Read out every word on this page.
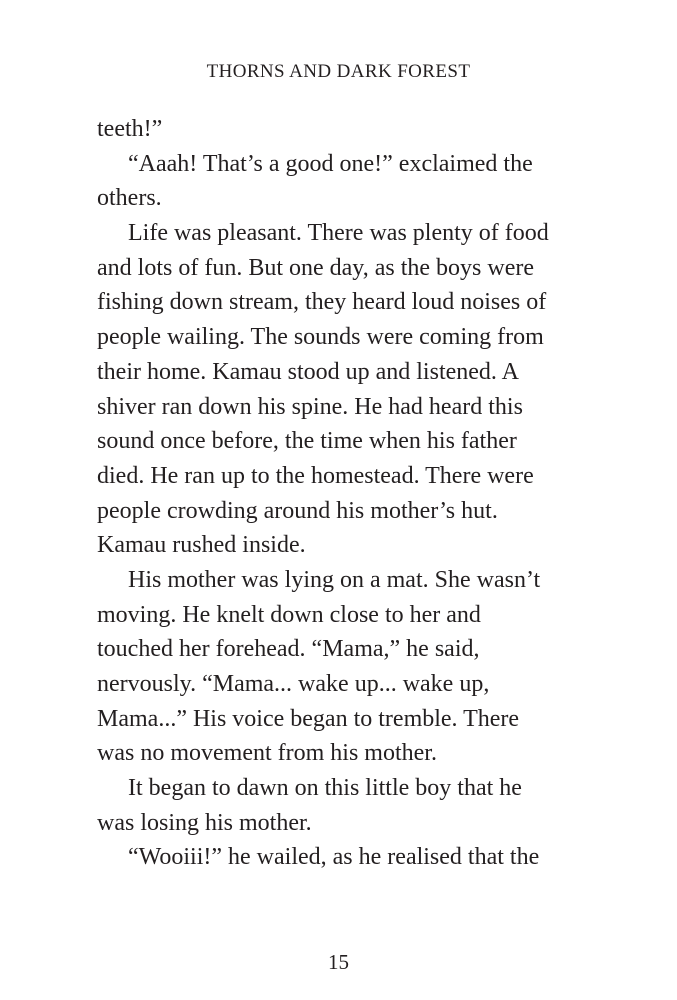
THORNS AND DARK FOREST
teeth!”
“Aaah! That’s a good one!” exclaimed the
others.
Life was pleasant. There was plenty of food
and lots of fun. But one day, as the boys were
fishing down stream, they heard loud noises of
people wailing. The sounds were coming from
their home. Kamau stood up and listened. A
shiver ran down his spine. He had heard this
sound once before, the time when his father
died. He ran up to the homestead. There were
people crowding around his mother’s hut.
Kamau rushed inside.
His mother was lying on a mat. She wasn’t
moving. He knelt down close to her and
touched her forehead. “Mama,” he said,
nervously. “Mama... wake up... wake up,
Mama...” His voice began to tremble. There
was no movement from his mother.
It began to dawn on this little boy that he
was losing his mother.
“Wooiii!” he wailed, as he realised that the
15
